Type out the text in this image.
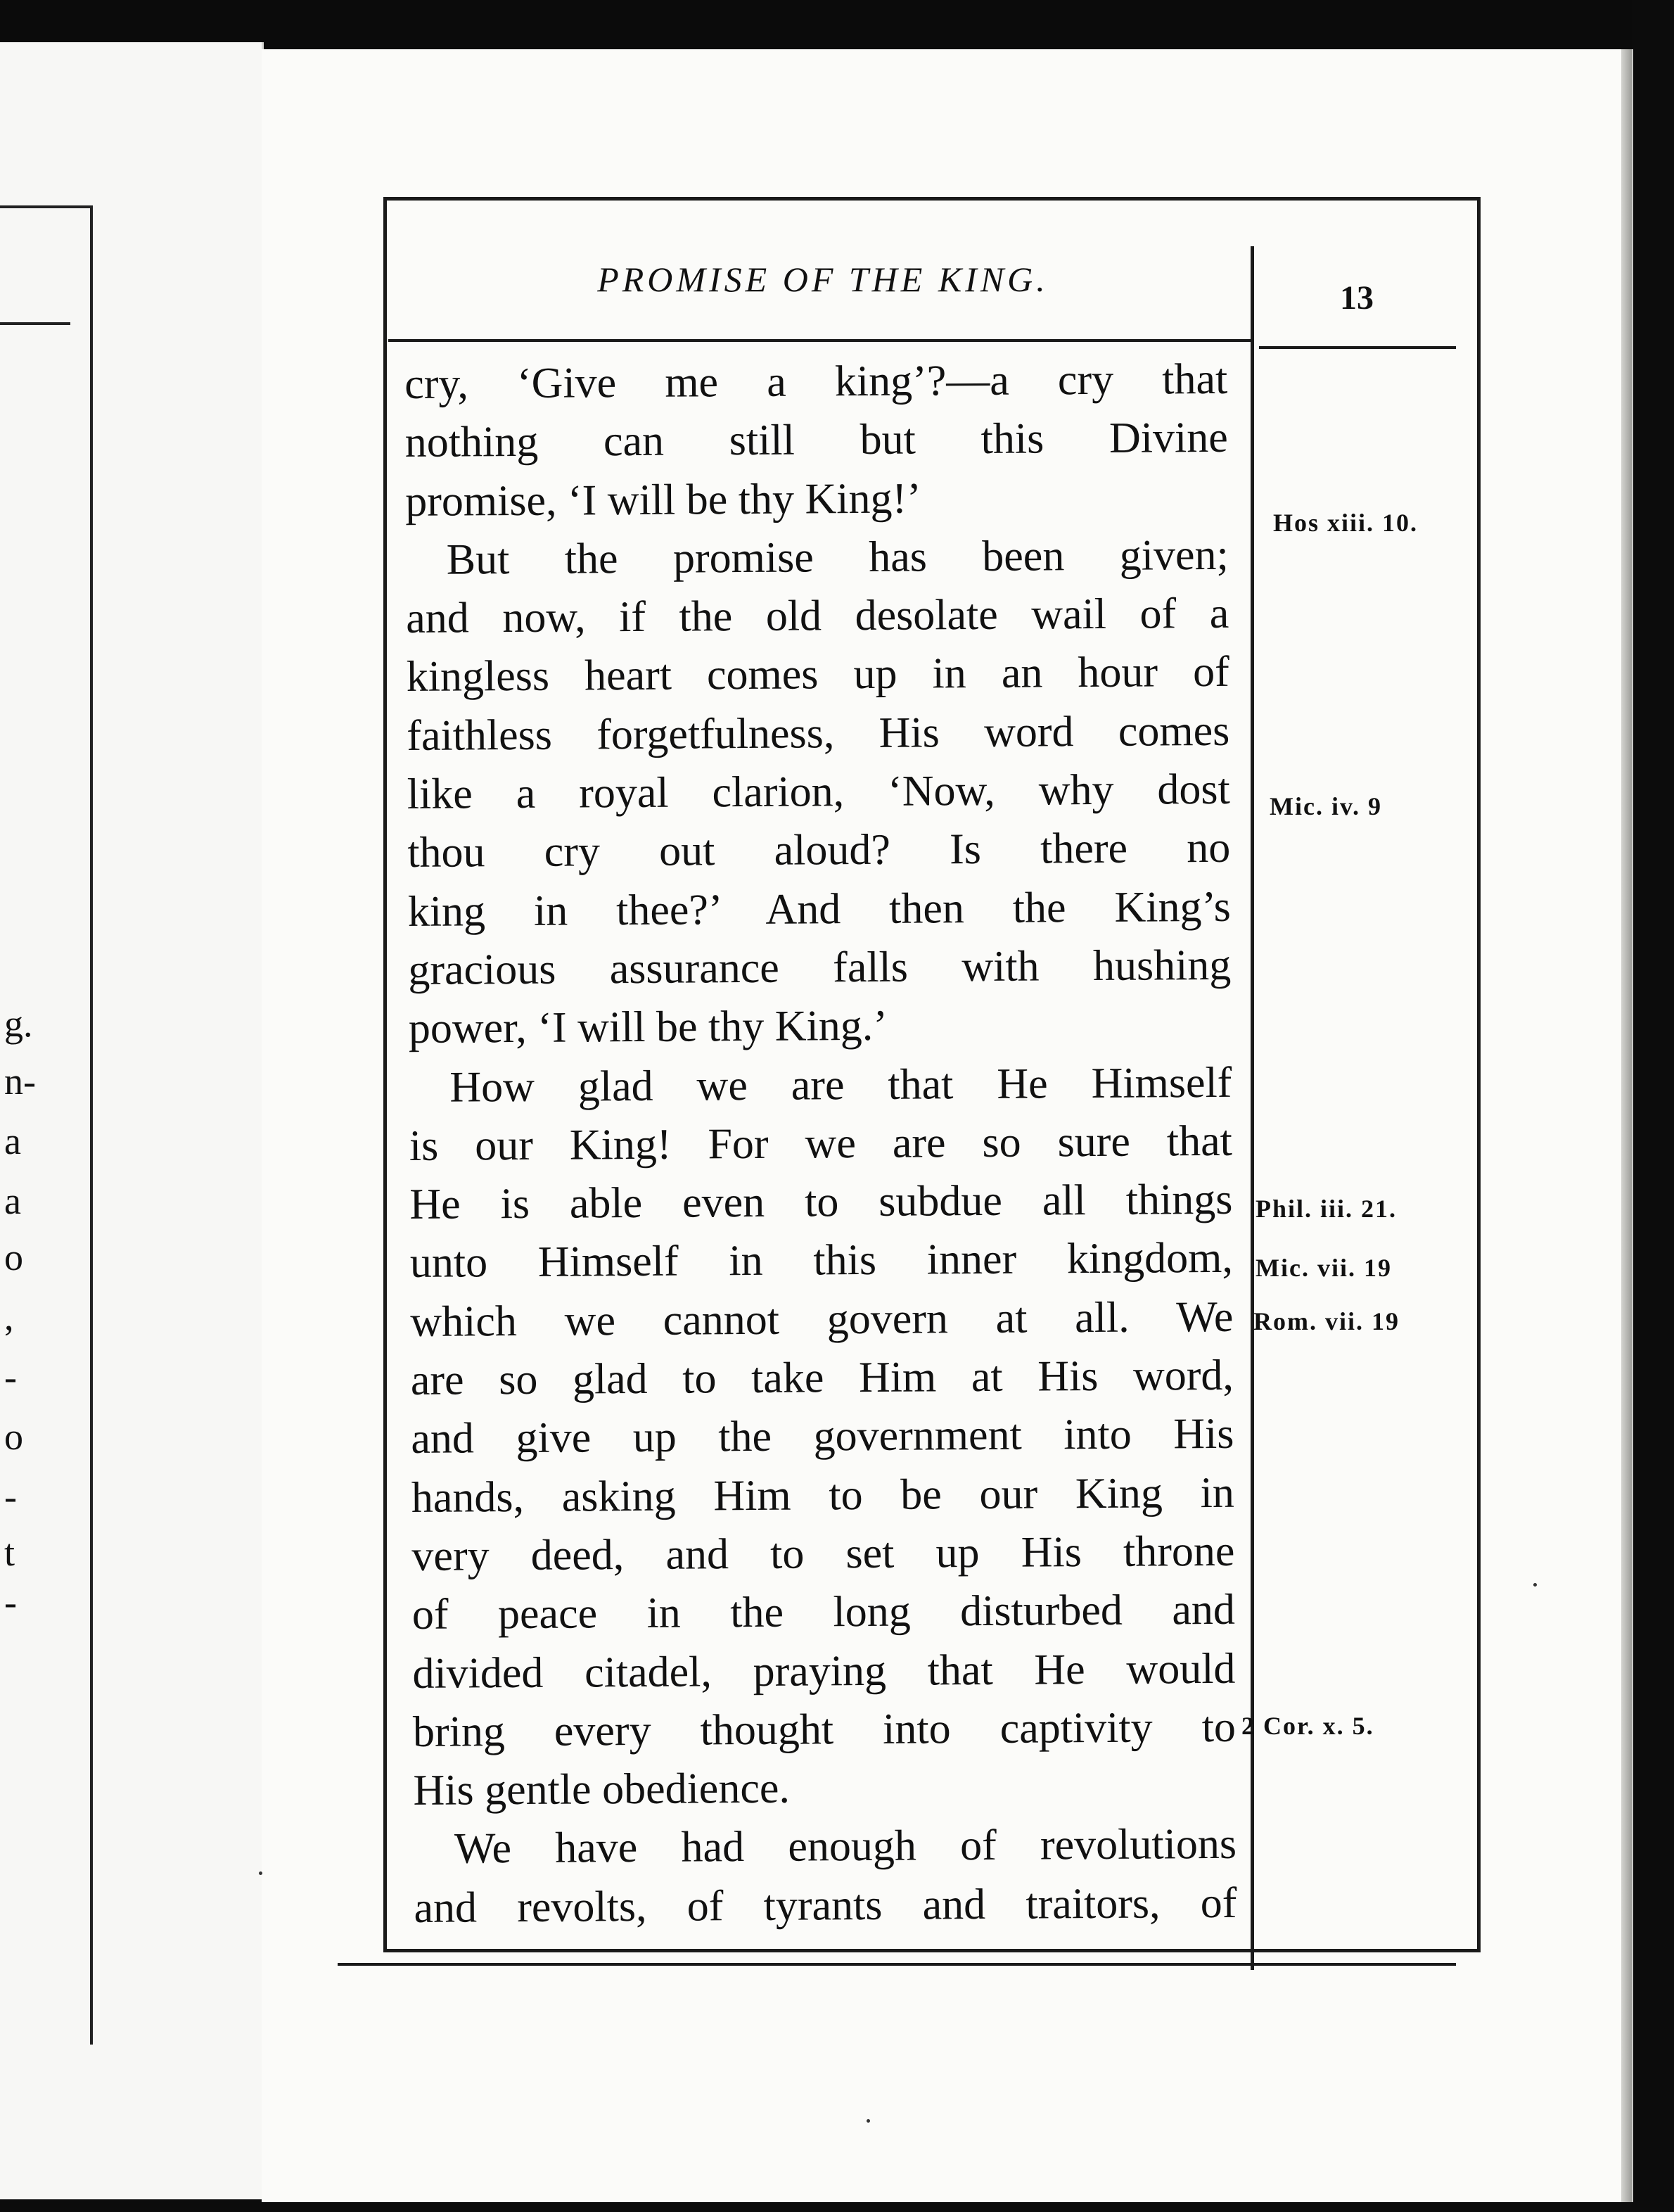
g.
n-
a
a
o
,
-
o
-
t
-
PROMISE OF THE KING.	13
cry, ‘Give me a king’?—a cry that
nothing can still but this Divine
promise, ‘I will be thy King!’
But the promise has been given;
and now, if the old desolate wail of a
kingless heart comes up in an hour of
faithless forgetfulness, His word comes
like a royal clarion, ‘Now, why dost
thou cry out aloud? Is there no
king in thee?’ And then the King’s
gracious assurance falls with hushing
power, ‘I will be thy King.’
How glad we are that He Himself
is our King! For we are so sure that
He is able even to subdue all things
unto Himself in this inner kingdom,
which we cannot govern at all. We
are so glad to take Him at His word,
and give up the government into His
hands, asking Him to be our King in
very deed, and to set up His throne
of peace in the long disturbed and
divided citadel, praying that He would
bring every thought into captivity to
His gentle obedience.
We have had enough of revolutions
and revolts, of tyrants and traitors, of
Hos xiii. 10.
Mic. iv. 9
Phil. iii. 21.
Mic. vii. 19
Rom. vii. 19
2 Cor. x. 5.
